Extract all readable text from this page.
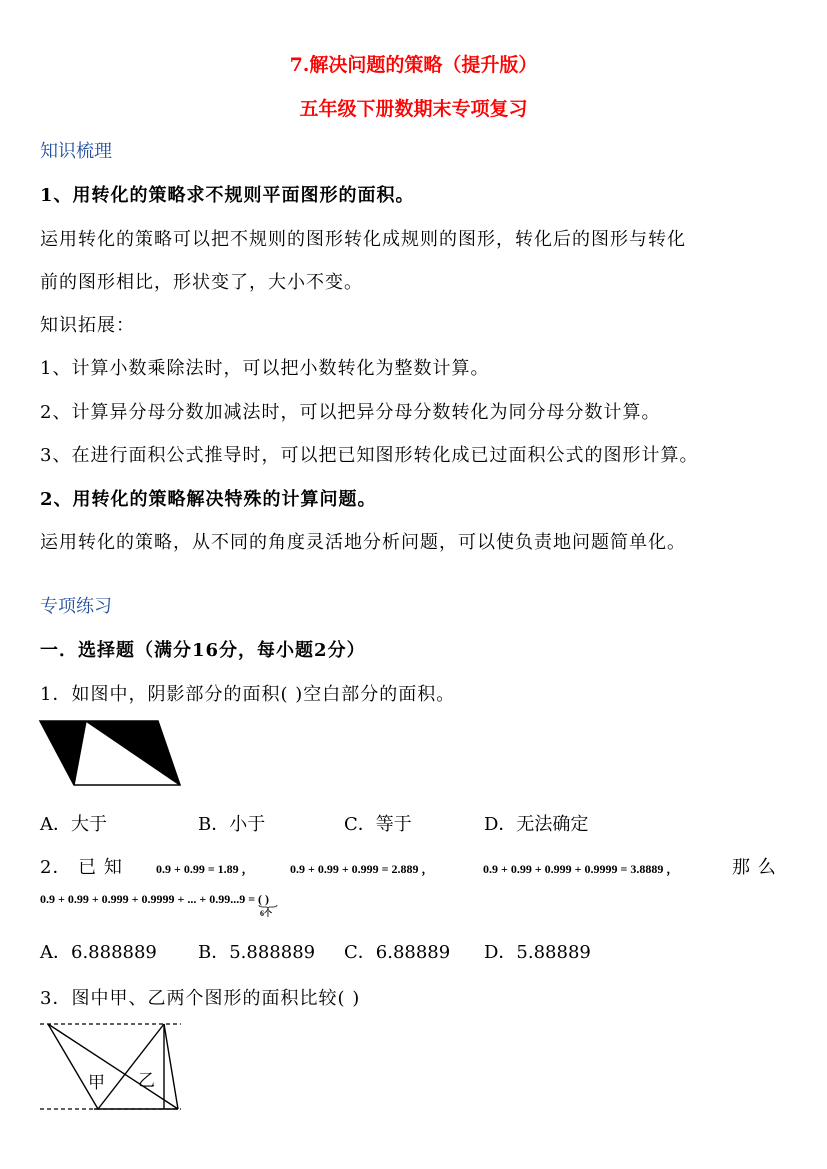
7.解决问题的策略（提升版）
五年级下册数期末专项复习
知识梳理
1、用转化的策略求不规则平面图形的面积。
运用转化的策略可以把不规则的图形转化成规则的图形，转化后的图形与转化
前的图形相比，形状变了，大小不变。
知识拓展：
1、计算小数乘除法时，可以把小数转化为整数计算。
2、计算异分母分数加减法时，可以把异分母分数转化为同分母分数计算。
3、在进行面积公式推导时，可以把已知图形转化成已过面积公式的图形计算。
2、用转化的策略解决特殊的计算问题。
运用转化的策略，从不同的角度灵活地分析问题，可以使负责地问题简单化。
专项练习
一．选择题（满分16分，每小题2分）
1．如图中，阴影部分的面积( )空白部分的面积。
A．大于	B．小于	C．等于	D．无法确定
2． 已 知	0.9 + 0.99 = 1.89 ，	0.9 + 0.99 + 0.999 = 2.889 ，	0.9 + 0.99 + 0.999 + 0.9999 = 3.8889 ，	那 么
0.9 + 0.99 + 0.999 + 0.9999 + ... + 0.99...9 = ( )
6个
A．6.888889 B．5.888889 C．6.88889 D．5.88889
3．图中甲、乙两个图形的面积比较( )
甲 乙
